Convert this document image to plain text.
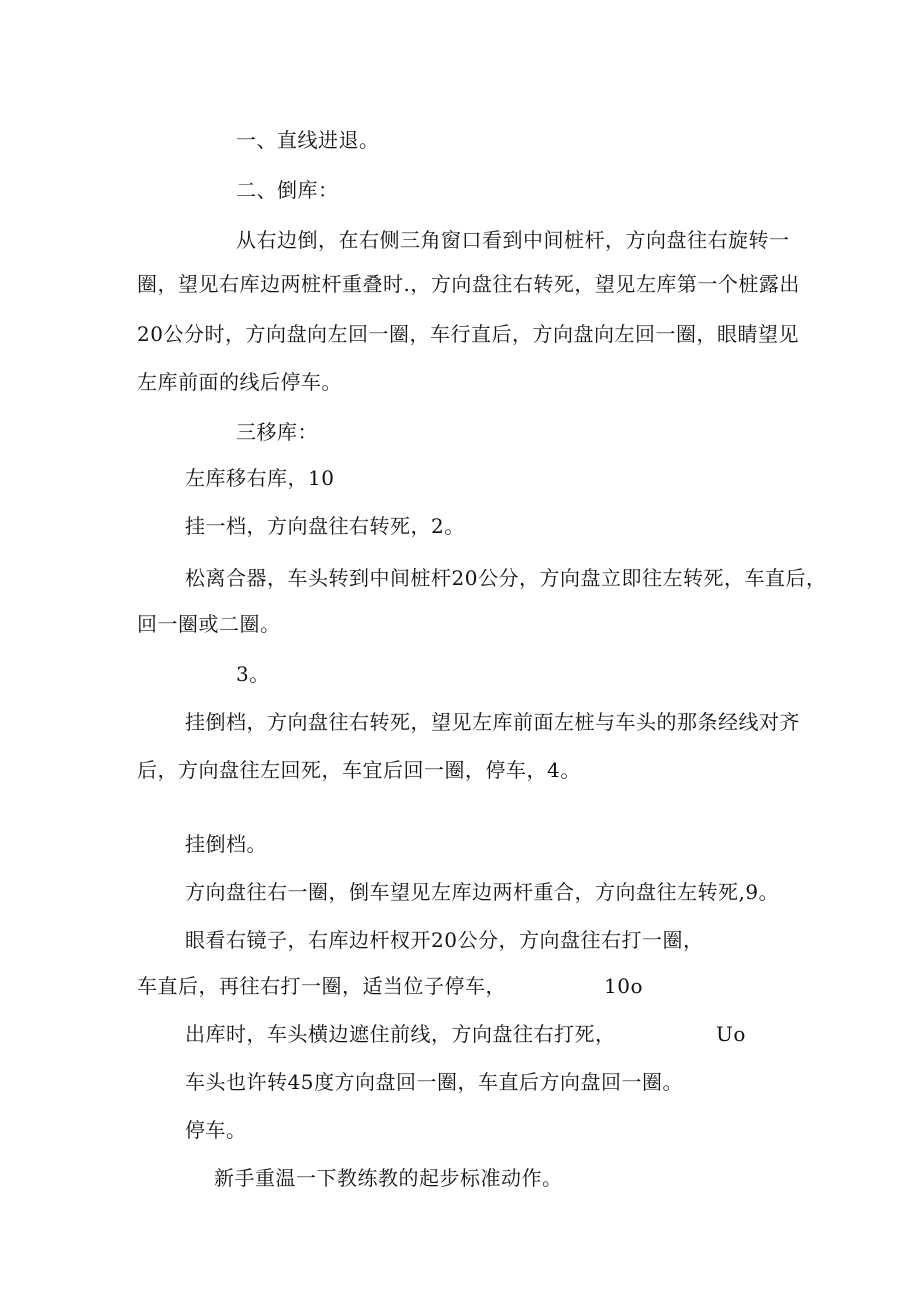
一、直线进退。
二、倒库：
从右边倒，在右侧三角窗口看到中间桩杆，方向盘往右旋转一
圈，望见右库边两桩杆重叠时.，方向盘往右转死，望见左库第一个桩露出
20公分时，方向盘向左回一圈，车行直后，方向盘向左回一圈，眼睛望见
左库前面的线后停车。
三移库：
左库移右库，10
挂一档，方向盘往右转死，2。
松离合器，车头转到中间桩杆20公分，方向盘立即往左转死，车直后，
回一圈或二圈。
3。
挂倒档，方向盘往右转死，望见左库前面左桩与车头的那条经线对齐
后，方向盘往左回死，车宜后回一圈，停车，4。
挂倒档。
方向盘往右一圈，倒车望见左库边两杆重合，方向盘往左转死,9。
眼看右镜子，右库边杆杈开20公分，方向盘往右打一圈，
车直后，再往右打一圈，适当位子停车，	10o
出库时，车头横边遮住前线，方向盘往右打死，	Uo
车头也许转45度方向盘回一圈，车直后方向盘回一圈。
停车。
新手重温一下教练教的起步标准动作。
